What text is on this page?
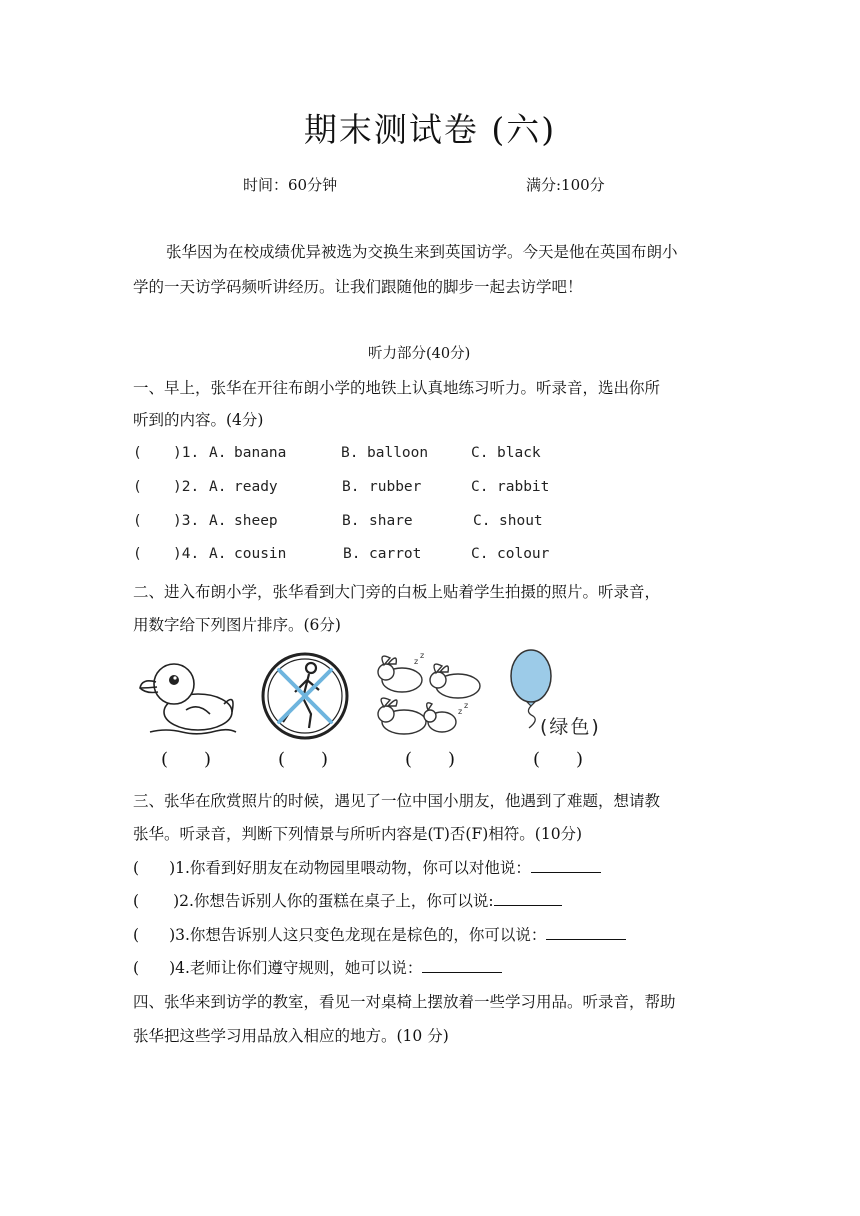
期末测试卷 (六)
时间：60分钟	满分:100分
张华因为在校成绩优异被选为交换生来到英国访学。今天是他在英国布朗小
学的一天访学码频听讲经历。让我们跟随他的脚步一起去访学吧！
听力部分(40分)
一、早上，张华在开往布朗小学的地铁上认真地练习听力。听录音，选出你所
听到的内容。(4分)
( )1. A. banana	B. balloon	C. black
( )2. A. ready	B. rubber	C. rabbit
( )3. A. sheep	B. share	C. shout
( )4. A. cousin	B. carrot	C. colour
二、进入布朗小学，张华看到大门旁的白板上贴着学生拍摄的照片。听录音，
用数字给下列图片排序。(6分)
z
z
z
z
(绿色)
(　　)	(　　)	(　　)	(　　)
三、张华在欣赏照片的时候，遇见了一位中国小朋友，他遇到了难题，想请教
张华。听录音，判断下列情景与所听内容是(T)否(F)相符。(10分)
( )1.你看到好朋友在动物园里喂动物，你可以对他说：
( )2.你想告诉别人你的蛋糕在桌子上，你可以说:
( )3.你想告诉别人这只变色龙现在是棕色的，你可以说：
( )4.老师让你们遵守规则，她可以说：
四、张华来到访学的教室，看见一对桌椅上摆放着一些学习用品。听录音，帮助
张华把这些学习用品放入相应的地方。(10 分)
